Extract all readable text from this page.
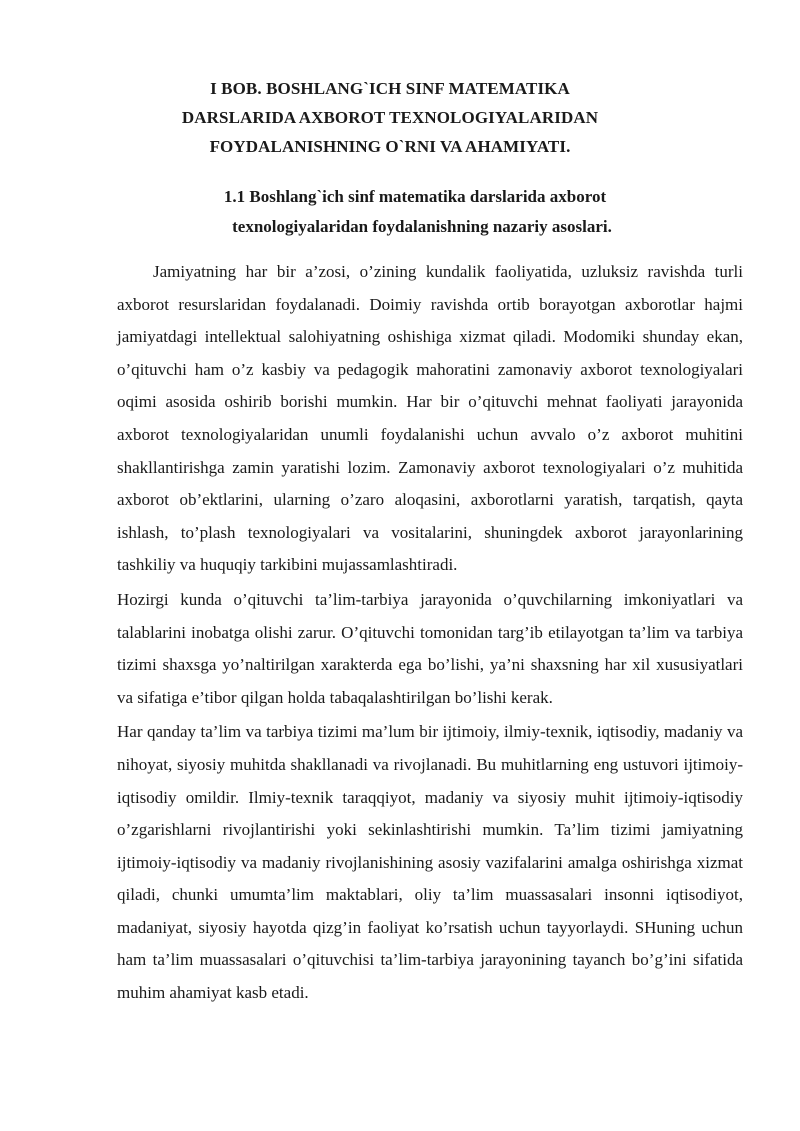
I BOB. BOSHLANG`ICH SINF MATEMATIKA
DARSLARIDA AXBOROT TEXNOLOGIYALARIDAN
FOYDALANISHNING O`RNI VA AHAMIYATI.
1.1 Boshlang`ich sinf matematika darslarida axborot
texnologiyalaridan foydalanishning nazariy asoslari.

Jamiyatning har bir a’zosi, o’zining kundalik faoliyatida, uzluksiz ravishda turli axborot resurslaridan foydalanadi. Doimiy ravishda ortib borayotgan axborotlar hajmi jamiyatdagi intellektual salohiyatning oshishiga xizmat qiladi. Modomiki shunday ekan, o’qituvchi ham o’z kasbiy va pedagogik mahoratini zamonaviy axborot texnologiyalari oqimi asosida oshirib borishi mumkin. Har bir o’qituvchi mehnat faoliyati jarayonida axborot texnologiyalaridan unumli foydalanishi uchun avvalo o’z axborot muhitini shakllantirishga zamin yaratishi lozim. Zamonaviy axborot texnologiyalari o’z muhitida axborot ob’ektlarini, ularning o’zaro aloqasini, axborotlarni yaratish, tarqatish, qayta ishlash, to’plash texnologiyalari va vositalarini, shuningdek axborot jarayonlarining tashkiliy va huquqiy tarkibini mujassamlashtiradi.

Hozirgi kunda o’qituvchi ta’lim-tarbiya jarayonida o’quvchilarning imkoniyatlari va talablarini inobatga olishi zarur. O’qituvchi tomonidan targ’ib etilayotgan ta’lim va tarbiya tizimi shaxsga yo’naltirilgan xarakterda ega bo’lishi, ya’ni shaxsning har xil xususiyatlari va sifatiga e’tibor qilgan holda tabaqalashtirilgan bo’lishi kerak.

Har qanday ta’lim va tarbiya tizimi ma’lum bir ijtimoiy, ilmiy-texnik, iqtisodiy, madaniy va nihoyat, siyosiy muhitda shakllanadi va rivojlanadi. Bu muhitlarning eng ustuvori ijtimoiy-iqtisodiy omildir. Ilmiy-texnik taraqqiyot, madaniy va siyosiy muhit ijtimoiy-iqtisodiy o’zgarishlarni rivojlantirishi yoki sekinlashtirishi mumkin. Ta’lim tizimi jamiyatning ijtimoiy-iqtisodiy va madaniy rivojlanishining asosiy vazifalarini amalga oshirishga xizmat qiladi, chunki umumta’lim maktablari, oliy ta’lim muassasalari insonni iqtisodiyot, madaniyat, siyosiy hayotda qizg’in faoliyat ko’rsatish uchun tayyorlaydi. SHuning uchun ham ta’lim muassasalari o’qituvchisi ta’lim-tarbiya jarayonining tayanch bo’g’ini sifatida muhim ahamiyat kasb etadi.
